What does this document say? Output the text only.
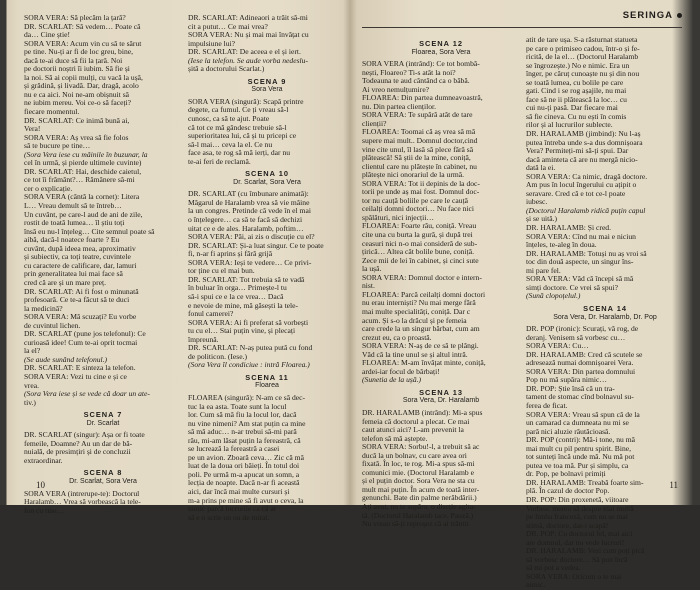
SORA VERA: Să plecăm la țară?
DR. SCARLAT: Să vedem… Poate că
da… Cine știe!
SORA VERA: Acum vin cu să te sărut
pe tine. Nu-ți ar fi de loc greu, bine,
dacă te-ai duce să fii la țară. Noi
pe doctorii noștri îi iubim. Să fie și
la noi. Să ai copii mulți, cu vacă la ușă,
și grădină, și livadă. Dar, dragă, acolo
nu e ca aici. Noi ne-am obișnuit să
ne iubim mereu. Voi ce-o să faceți?
fiecare momentul.
DR. SCARLAT: Ce inimă bună ai,
Vera!
SORA VERA: Aș vrea să fie folos
să te bucure pe tine…
(Sora Vera iese cu mâinile în buzunar, la
cel în urmă, și pierde ultimele cuvinte)
DR. SCARLAT: Hai, deschide caietul,
ce tot îi frământ?… Rămânere să-mi
cer o explicație.
SORA VERA (cântă la cornet): Litera
L… Vreau demult să te întreb…
Un cuvânt, pe care-l aud de ani de zile,
rostit de toată lumea… îl știu toți
însă eu nu-l înțeleg… Cite semnul poate să
aibă, dacă-l noatece foarte ? Eu
cuvânt, după ideea mea, aproximativ
și subiectiv, ca toți teatre, cuvintele
cu caractere de calificare, dar, lamuri
prin generalitatea lui mai face să
cred că are și un mare preț.
DR. SCARLAT: Ai fi fost o minunată
profesoară. Ce te-a făcut să te duci
la medicină?
SORA VERA: Mă scuzați? Eu vorbe
de cuvintul lichen.
DR. SCARLAT (pune jos telefonul): Ce
curioasă idee! Cum te-ai oprit tocmai
la el?
(Se aude sunând telefonul.)
DR. SCARLAT: E sinteza la telefon.
SORA VERA: Vezi tu cine e și ce
vrea.
(Sora Vera iese și se vede că doar un ate-
tiv.)
SCENA 7
Dr. Scarlat
DR. SCARLAT (singur): Așa or fi toate
femeile, Doamne? Au un dar de bă-
nuială, de presimțiri și de concluzii
extraordinar.
SCENA 8
Dr. Scarlat, Sora Vera
SORA VERA (intrerupe-te): Doctorul
Haralamb… Vrea să vorbească la tele-
fon cu tine…
DR. SCARLAT: Adineaori a trăit să-mi
cit a putut… Ce mai vrea?
SORA VERA: Nu și mai mai învățat cu
impulsiune lui?
DR. SCARLAT: De aceea e el și iert.
(Iese la telefon. Se aude vorba nedeslu-
șită a doctorului Scarlat.)
SCENA 9
Sora Vera
SORA VERA (singură): Scapă printre
degete, ca fumul. Ce ți vreau să-l
cunosc, ca să te ajut. Poate
că tot ce mă gândesc trebuie să-l
superioritatea lui, că și tu pricepi ce
să-l mai… ceva la el. Ce nu
face asa, te rog să mă ierți, dar nu
te-ai feri de reclamă.
SCENA 10
Dr. Scarlat, Sora Vera
DR. SCARLAT (cu îmbunare animată):
Măgarul de Haralamb vrea să vie mâine
la un congres. Pretinde că vede în el mai
o înțelegere… ca să te facă să dechizi
uitat ce e de ales. Haralamb, poftim…
SORA VERA: Păi, ai zis o discuție cu el?
DR. SCARLAT: Și-a luat singur. Ce te poate
fi, n-ar fi aprins și fără grijă
SORA VERA: Ieși te vedere… Ce privi-
tor ține cu el mai bun.
DR. SCARLAT: Tot trebuia să te vadă
în buluar în orga… Primește-l tu
să-i spui ce e la ce vrea… Dacă
e nevoie de mine, mă găsești la tele-
fonul camerei?
SORA VERA: Ai fi preferat să vorbești
tu cu el… Stai puțin vine, și plecați
împreună.
DR. SCARLAT: N-aș putea pută cu fond
de politicon. (Iese.)
(Sora Vera îl condiciue : intră Floarea.)
SCENA 11
Floarea
FLOAREA (singură): N-am ce să dec-
tuc la ea asta. Toate sunt la locul
lor. Cum să mă fiu la locul lor, dacă
nu vine nimeni? Am stat puțin ca mine
să mă aduc… n-ar trebui să-mi pară
rău, mi-am lăsat puțin la fereastră, că
se lucrează la fereastră a casei
pe un avion. Zboară ceva… Zic că mă
luat de la doua ori băieți. În totul doi
poli. Pe urmă m-a apucat un somn, a
lecția de noapte. Dacă n-ar fi această
aici, dar încă mai multe cursuri și
m-a prins pe mine să fi avut o ceva, la
nimic parcă lucrurile ca că ar
să e o scrie un ou de mirat.
10
SERINGA
SCENA 12
Floarea, Sora Vera
SORA VERA (intrând): Ce tot bombă-
nești, Floareo? Ti-s atât la noi?
Todeauna te aud cântând ca o bâbă.
Ai vreo nemulțumire?
FLOAREA: Din partea dumneavoastră,
nu. Din partea clienților.
SORA VERA: Te supără atât de tare
clienții?
FLOAREA: Toomai că aș vrea să mă
supere mai mult.. Domnul doctor,cind
vine cite unul, îl lasă să plece fără să
plătească! Să știi de la mine, coniță,
clientul care nu plătește în cabinet, nu
plătește nici onorariul de la urmă.
SORA VERA: Tot ii depinis de la doc-
torii pe unde aș mai fost. Domnul doc-
tor nu cauță boliile pe care le cauță
ceilalți domni doctori… Nu face nici
spălături, nici injecții…
FLOAREA: Foarte rău, coniță. Vreau
cite una cu burta la gură, și după trei
ceasuri nici n-o mai consideră de sub-
țirică… Altea cât bolile bune, coniță.
Zece mii de lei în cabinet, și cinci sute
la ușă.
SORA VERA: Domnul doctor e intern-
nist.
FLOAREA: Parcă ceilalți domni doctori
nu erau interniști? Nu mai merge fără
mai multe specialități, coniță. Dar c
acum. Și s-o la drăcul și pe femeia
care crede la un singur bărbat, cum am
crezut eu, ca o proastă.
SORA VERA: N-aș de ce să te plângi.
Văd că la tine unul se și altul intră.
FLOAREA: M-am învățat minte, coniță,
ardei-iar focul de bărbați!
(Sunetia de la ușă.)
SCENA 13
Sora Vera, Dr. Haralamb
DR. HARALAMB (intrând): Mi-a spus
femeia că doctorul a plecat. Ce mai
caut atunci aici? L-am prevenit la
telefon să mă aștepte.
SORA VERA: Sorbu!-l, a trebuit să ac
ducă la un bolnav, cu care avea ori
fixată. În loc, te rog. Mi-a spus să-mi
comunici mie. (Doctorul Haralamb e
și el puțin doctor. Sora Vera ne sta cu
mult mai puțin. În acum de toată inter-
genunchi. Bate din palme nerăbdării.)
Ați avut, nu te supăra, o discție agita-
tă. (Doctorul Haralamb tace. Pauză.)
Nu vreau să-ți reproșez că ai trântit
atit de tare ușa. S-a răsturnat statueta
pe care o primiseo cadou, într-o și fe-
ricită, de la el… (Doctorul Haralamb
se îngrozește.) No e nimic. Era un
înger, pe căruț cunoaște nu și din nou
se toată lumea, cu bolile pe care
gati. Cind i se rog așajile, nu mai
face să ne ii plătească la loc… cu
cui nu-ți pasă. Dar fiecare mai
să fie cineva. Cu nu ești în comis
rilor și al lucrurilor sublecte.
DR. HARALAMB (jimbind): Nu l-aș
putea întreba unde s-a dus domnișoara
Vera? Permiteți-mi să-ți spui. Dar
dacă aminteta că are nu mergă nicio-
dată la ei.
SORA VERA: Ca nimic, dragă doctore.
Am pus în locul îngerului cu ațipit o
seravare. Cred că e tot ce-l poate
iubesc.
(Doctorul Haralamb ridică puțin capul
și se uită.)
DR. HARALAMB: Și cred.
SORA VERA: Cînd nu mai e niciun
înțeles, te-aleg în doua.
DR. HARALAMB: Totuși nu aș vroi să
toc din două aspecte, un singur îns-
mi pare fel.
SORA VERA: Văd că începi să mă
simți doctore. Ce vrei să spui?
(Sună clopoțelul.)
SCENA 14
Sora Vera, Dr. Haralamb, Dr. Pop
DR. POP (ironic): Scurați, vă rog, de
deranj. Venisem să vorbesc cu…
SORA VERA: Cu…
DR. HARALAMB: Cred că scutele se
adresează numai domnișoarei Vera.
SORA VERA: Din partea domnului
Pop nu mă supăra nimic…
DR. POP: Știe însă că un tra-
tament de stomac cînd bolnavul su-
ferea de ficat.
SORA VERA: Vreau să spun că de la
un camarad ca dumneata nu mi se
pară nici aluzie răutăcioasă.
DR. POP (contri): Mă-i tone, nu mă
mai mult cu pil pentru spirit. Bine,
tot sunteți încă unde mă. Nu mă pot
putea ve toa mă. Pur și simplu, ca
dr. Pop, pe bolnavi primiți
DR. HARALAMB: Treabă foarte sim-
plă. În cazul de doctor Pop.
DR. POP: Din proxenetă, viitoare
Vorbesc mereu să despre mai multă
pe limba franceză, cum nu se mai
stimă, doctore, dar-i scapă!
DR. POP: Cu doctorul fel, mai aici
are domnul, dar nu vede lucruri!
DR. HARALAMB: Vezi cum poți pică
să vorbesc doctore… Să pun încă
să mi pot a vedea.
SORA VERA: Oricum o te mai
nimic.
11
